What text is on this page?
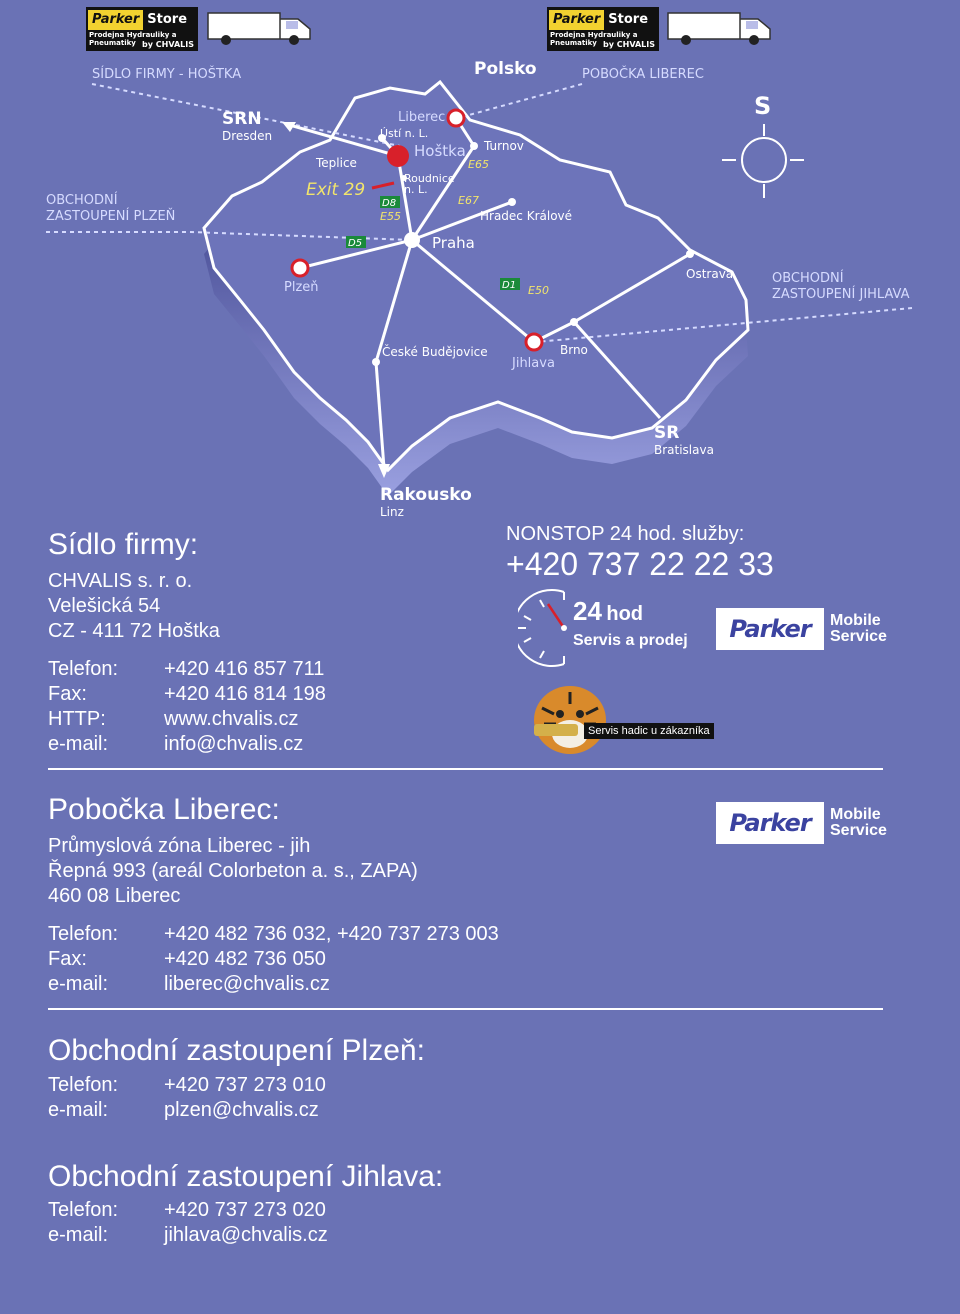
SÍDLO FIRMY - HOŠTKA	POBOČKA LIBEREC
OBCHODNÍ
ZASTOUPENÍ PLZEŇ
OBCHODNÍ
ZASTOUPENÍ JIHLAVA
SRN
Dresden
Polsko
SR
Bratislava
Rakousko
Linz
Liberec
Ústí n. L.
Hoštka
Roudnice
n. L.
Teplice
Turnov
Hradec Králové
Praha
Plzeň
Ostrava
České Budějovice
Jihlava
Brno
Exit 29
D8
E55
D5
E65
E67
D1 E50
S
Parker Store
Prodejna Hydrauliky a Pneumatiky by CHVALIS
Parker Store
Prodejna Hydrauliky a Pneumatiky by CHVALIS
Sídlo firmy:
CHVALIS s. r. o.
Velešická 54
CZ - 411 72 Hoštka
Telefon:	+420 416 857 711
Fax:	+420 416 814 198
HTTP:	www.chvalis.cz
e-mail:	info@chvalis.cz
NONSTOP 24 hod. služby:
+420 737 22 22 33
24 hod
Servis a prodej	Parker	Mobile
Service
Servis hadic u zákazníka
Pobočka Liberec:	Parker	Mobile
Service
Průmyslová zóna Liberec - jih
Řepná 993 (areál Colorbeton a. s., ZAPA)
460 08 Liberec
Telefon:	+420 482 736 032, +420 737 273 003
Fax:	+420 482 736 050
e-mail:	liberec@chvalis.cz
Obchodní zastoupení Plzeň:
Telefon:	+420 737 273 010
e-mail:	plzen@chvalis.cz
Obchodní zastoupení Jihlava:
Telefon:	+420 737 273 020
e-mail:	jihlava@chvalis.cz
